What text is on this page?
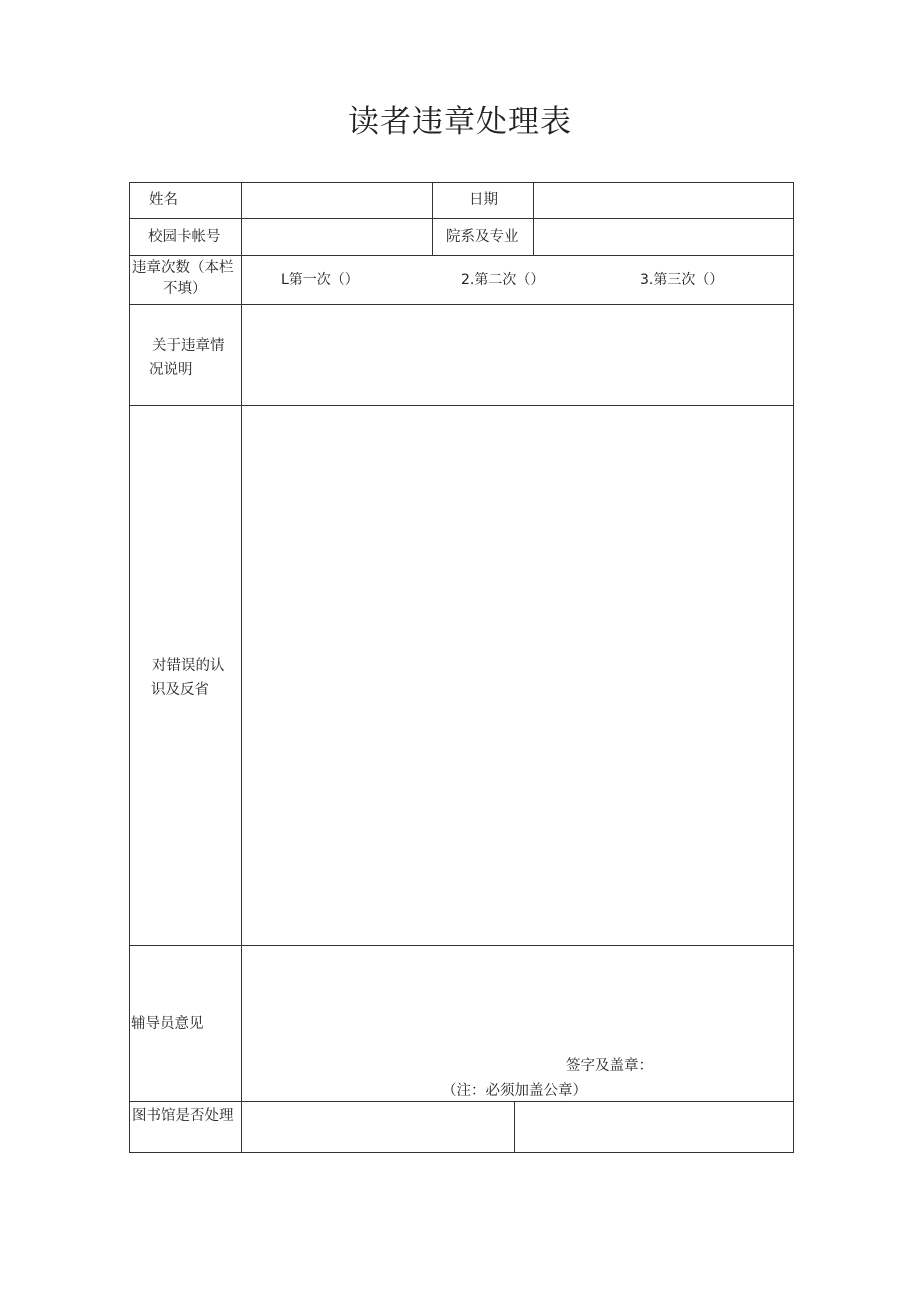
读者违章处理表
姓名	日期
校园卡帐号	院系及专业
违章次数（本栏
不填）
L第一次（）	2.第二次（）	3.第三次（）
关于违章情
况说明
对错误的认
识及反省
辅导员意见
签字及盖章：
（注：必须加盖公章）
图书馆是否处理
